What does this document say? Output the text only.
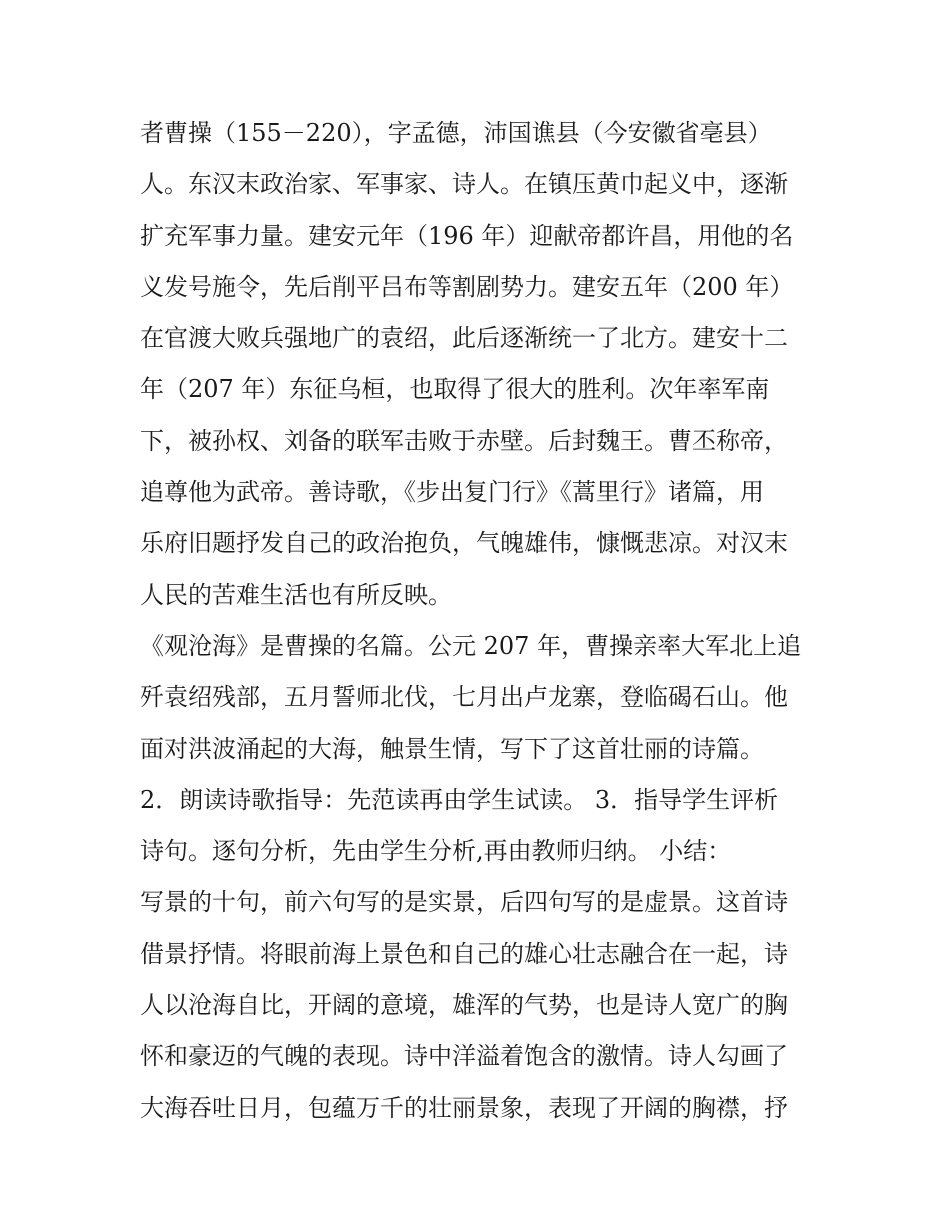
者曹操（155－220），字孟德，沛国谯县（今安徽省亳县）
人。东汉末政治家、军事家、诗人。在镇压黄巾起义中，逐渐
扩充军事力量。建安元年（196 年）迎献帝都许昌，用他的名
义发号施令，先后削平吕布等割剧势力。建安五年（200 年）
在官渡大败兵强地广的袁绍，此后逐渐统一了北方。建安十二
年（207 年）东征乌桓，也取得了很大的胜利。次年率军南
下，被孙权、刘备的联军击败于赤壁。后封魏王。曹丕称帝，
追尊他为武帝。善诗歌，《步出复门行》《蒿里行》诸篇，用
乐府旧题抒发自己的政治抱负，气魄雄伟，慷慨悲凉。对汉末
人民的苦难生活也有所反映。
《观沧海》是曹操的名篇。公元 207 年，曹操亲率大军北上追
歼袁绍残部，五月誓师北伐，七月出卢龙寨，登临碣石山。他
面对洪波涌起的大海，触景生情，写下了这首壮丽的诗篇。
2．朗读诗歌指导：先范读再由学生试读。 3．指导学生评析
诗句。逐句分析，先由学生分析,再由教师归纳。 小结：
写景的十句，前六句写的是实景，后四句写的是虚景。这首诗
借景抒情。将眼前海上景色和自己的雄心壮志融合在一起，诗
人以沧海自比，开阔的意境，雄浑的气势，也是诗人宽广的胸
怀和豪迈的气魄的表现。诗中洋溢着饱含的激情。诗人勾画了
大海吞吐日月，包蕴万千的壮丽景象，表现了开阔的胸襟，抒
